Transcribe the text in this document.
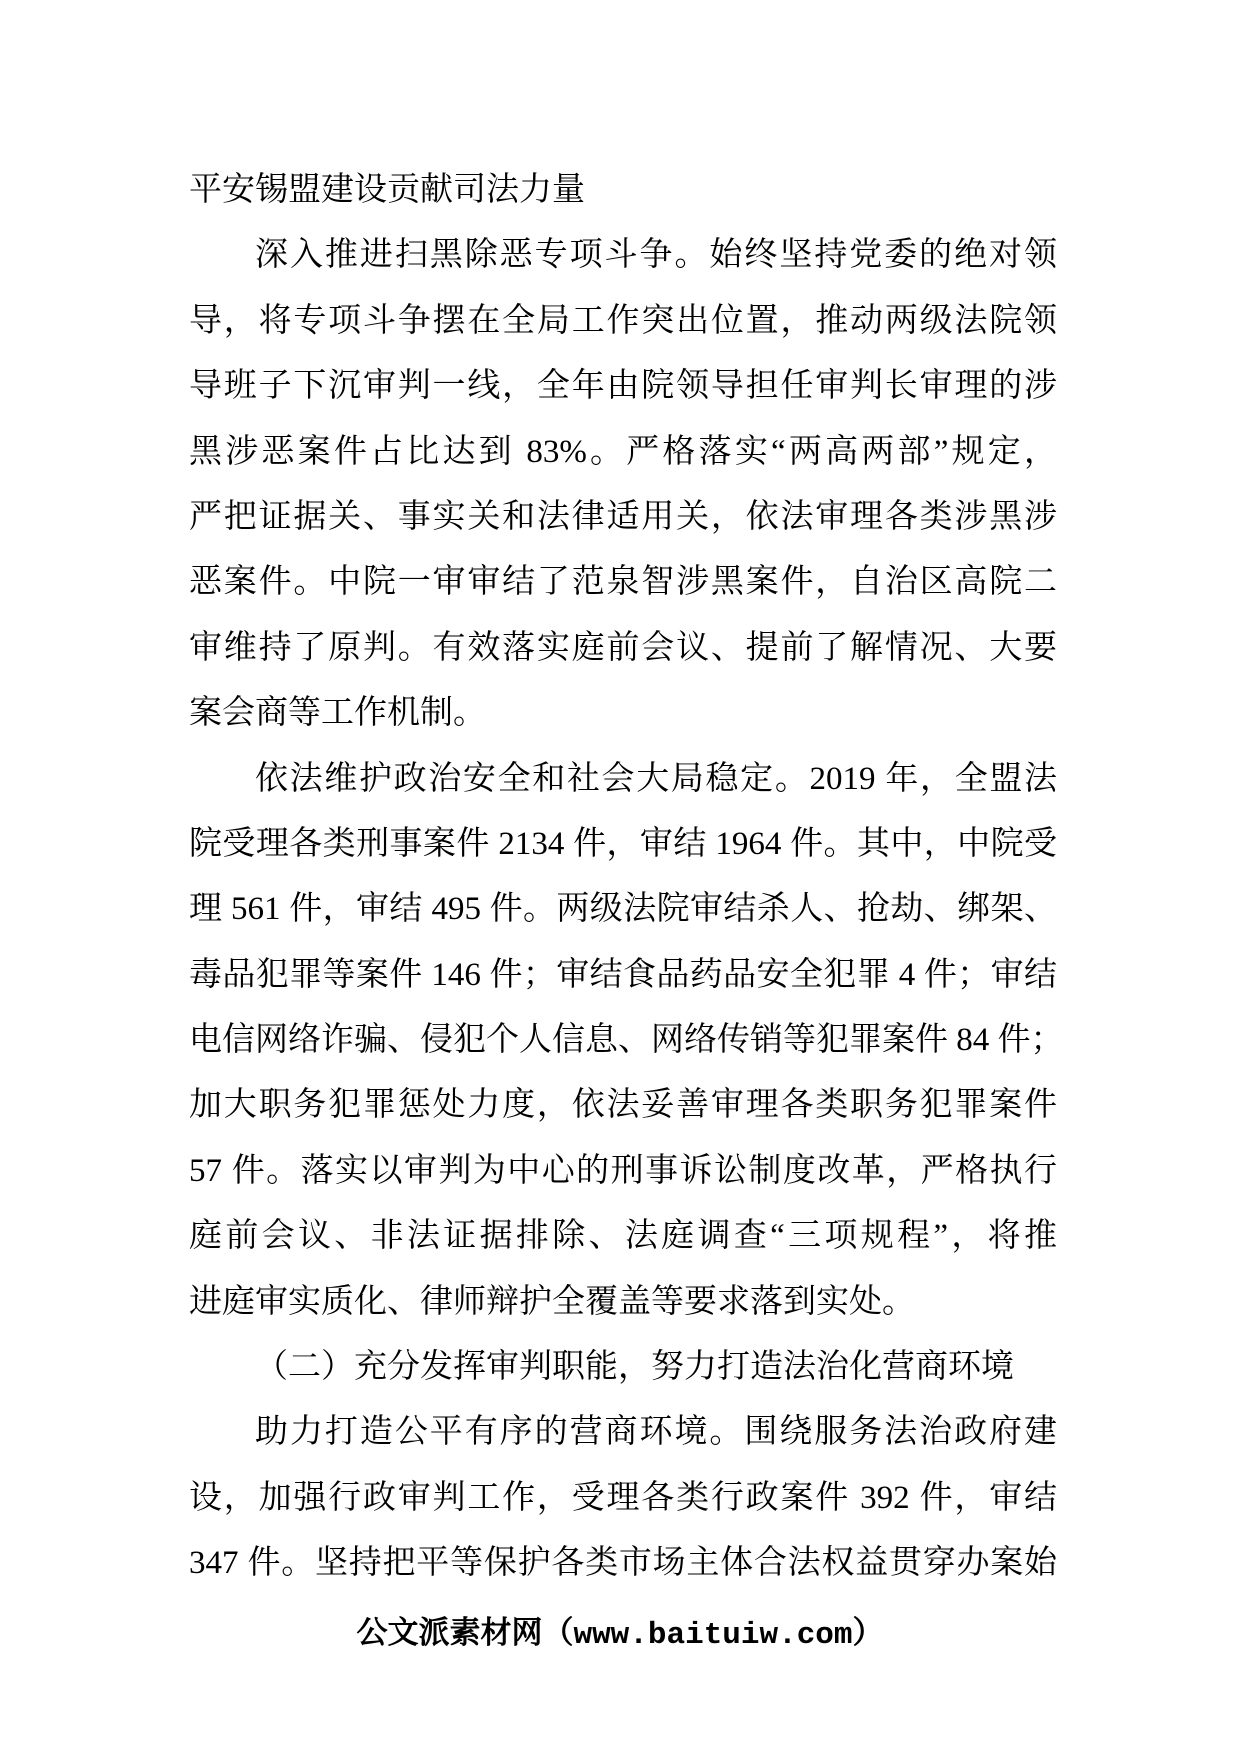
平安锡盟建设贡献司法力量
深入推进扫黑除恶专项斗争。始终坚持党委的绝对领
导，将专项斗争摆在全局工作突出位置，推动两级法院领
导班子下沉审判一线，全年由院领导担任审判长审理的涉
黑涉恶案件占比达到 83%。严格落实“两高两部”规定，
严把证据关、事实关和法律适用关，依法审理各类涉黑涉
恶案件。中院一审审结了范泉智涉黑案件，自治区高院二
审维持了原判。有效落实庭前会议、提前了解情况、大要
案会商等工作机制。
依法维护政治安全和社会大局稳定。2019 年，全盟法
院受理各类刑事案件 2134 件，审结 1964 件。其中，中院受
理 561 件，审结 495 件。两级法院审结杀人、抢劫、绑架、
毒品犯罪等案件 146 件；审结食品药品安全犯罪 4 件；审结
电信网络诈骗、侵犯个人信息、网络传销等犯罪案件 84 件；
加大职务犯罪惩处力度，依法妥善审理各类职务犯罪案件
57 件。落实以审判为中心的刑事诉讼制度改革，严格执行
庭前会议、非法证据排除、法庭调查“三项规程”，将推
进庭审实质化、律师辩护全覆盖等要求落到实处。
（二）充分发挥审判职能，努力打造法治化营商环境
助力打造公平有序的营商环境。围绕服务法治政府建
设，加强行政审判工作，受理各类行政案件 392 件，审结
347 件。坚持把平等保护各类市场主体合法权益贯穿办案始
公文派素材网（www.baituiw.com）
